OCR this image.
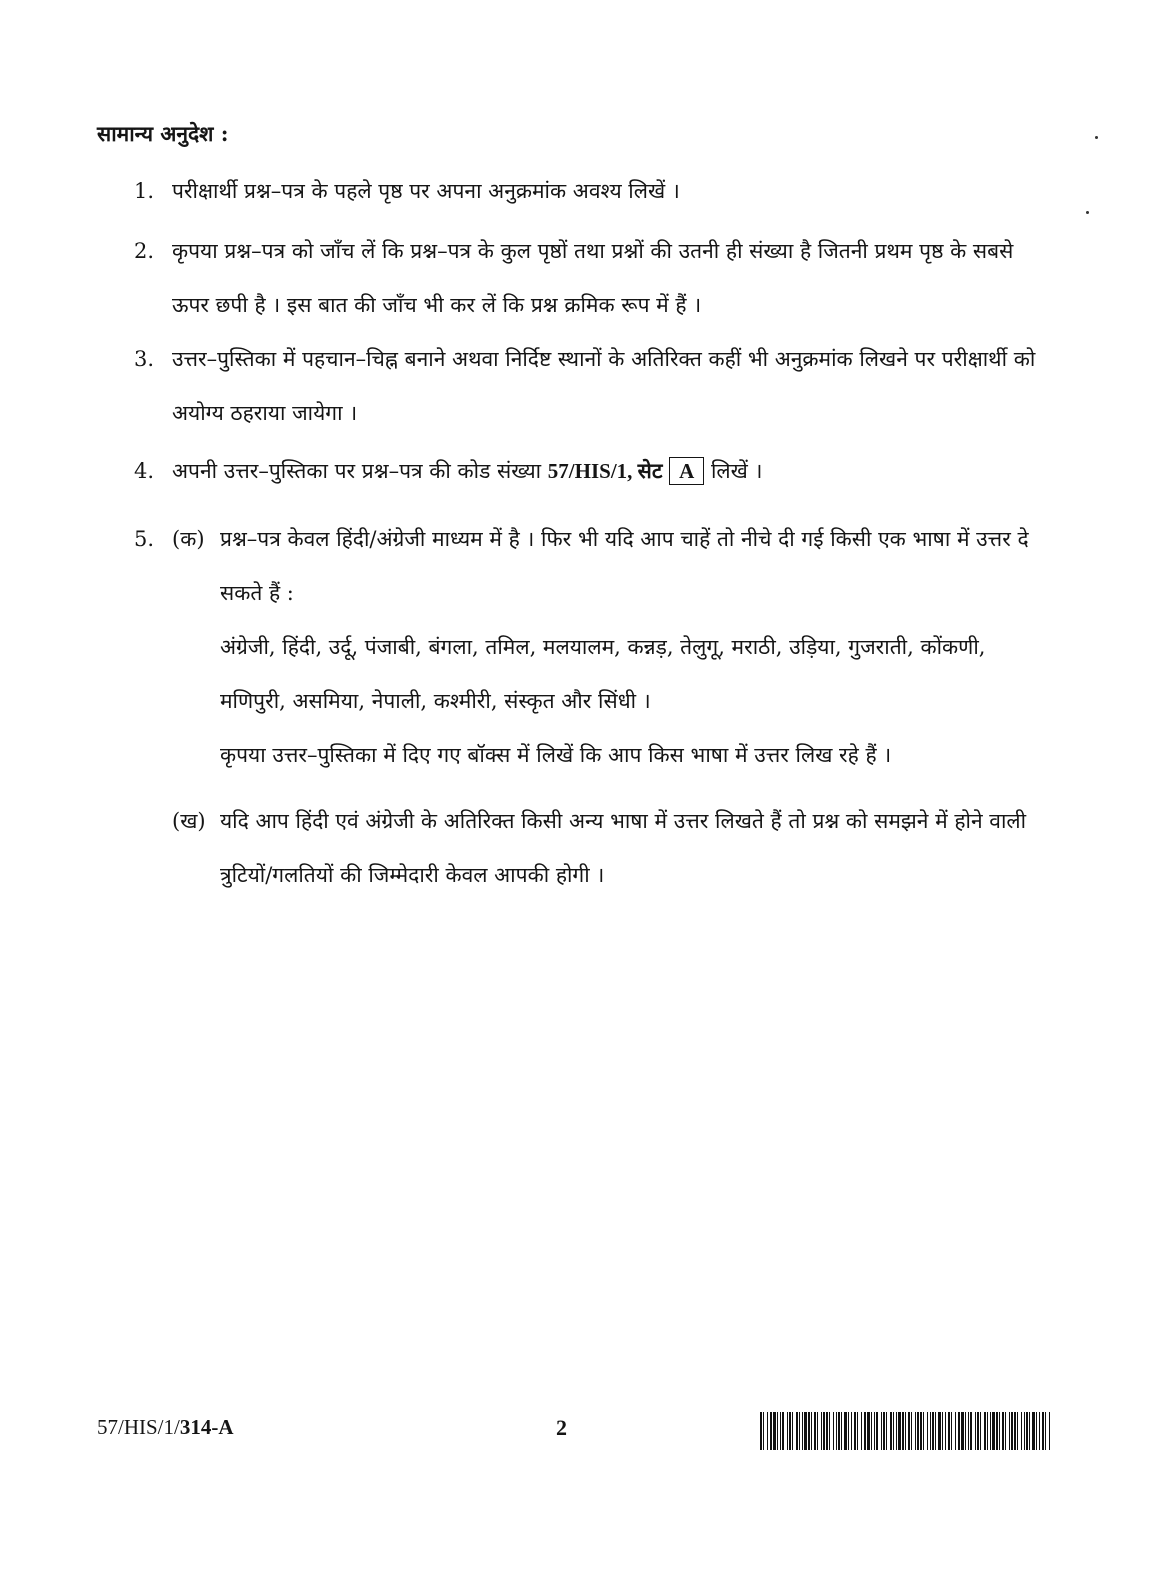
सामान्य अनुदेश :
1. परीक्षार्थी प्रश्न–पत्र के पहले पृष्ठ पर अपना अनुक्रमांक अवश्य लिखें ।
2. कृपया प्रश्न–पत्र को जाँच लें कि प्रश्न–पत्र के कुल पृष्ठों तथा प्रश्नों की उतनी ही संख्या है जितनी प्रथम पृष्ठ के सबसे ऊपर छपी है । इस बात की जाँच भी कर लें कि प्रश्न क्रमिक रूप में हैं ।
3. उत्तर–पुस्तिका में पहचान–चिह्न बनाने अथवा निर्दिष्ट स्थानों के अतिरिक्त कहीं भी अनुक्रमांक लिखने पर परीक्षार्थी को अयोग्य ठहराया जायेगा ।
4. अपनी उत्तर–पुस्तिका पर प्रश्न–पत्र की कोड संख्या 57/HIS/1, सेट A लिखें ।
5. (क) प्रश्न–पत्र केवल हिंदी/अंग्रेजी माध्यम में है । फिर भी यदि आप चाहें तो नीचे दी गई किसी एक भाषा में उत्तर दे सकते हैं :
अंग्रेजी, हिंदी, उर्दू, पंजाबी, बंगला, तमिल, मलयालम, कन्नड़, तेलुगू, मराठी, उड़िया, गुजराती, कोंकणी, मणिपुरी, असमिया, नेपाली, कश्मीरी, संस्कृत और सिंधी ।
कृपया उत्तर–पुस्तिका में दिए गए बॉक्स में लिखें कि आप किस भाषा में उत्तर लिख रहे हैं ।
(ख) यदि आप हिंदी एवं अंग्रेजी के अतिरिक्त किसी अन्य भाषा में उत्तर लिखते हैं तो प्रश्न को समझने में होने वाली त्रुटियों/गलतियों की जिम्मेदारी केवल आपकी होगी ।
57/HIS/1/314-A	2
